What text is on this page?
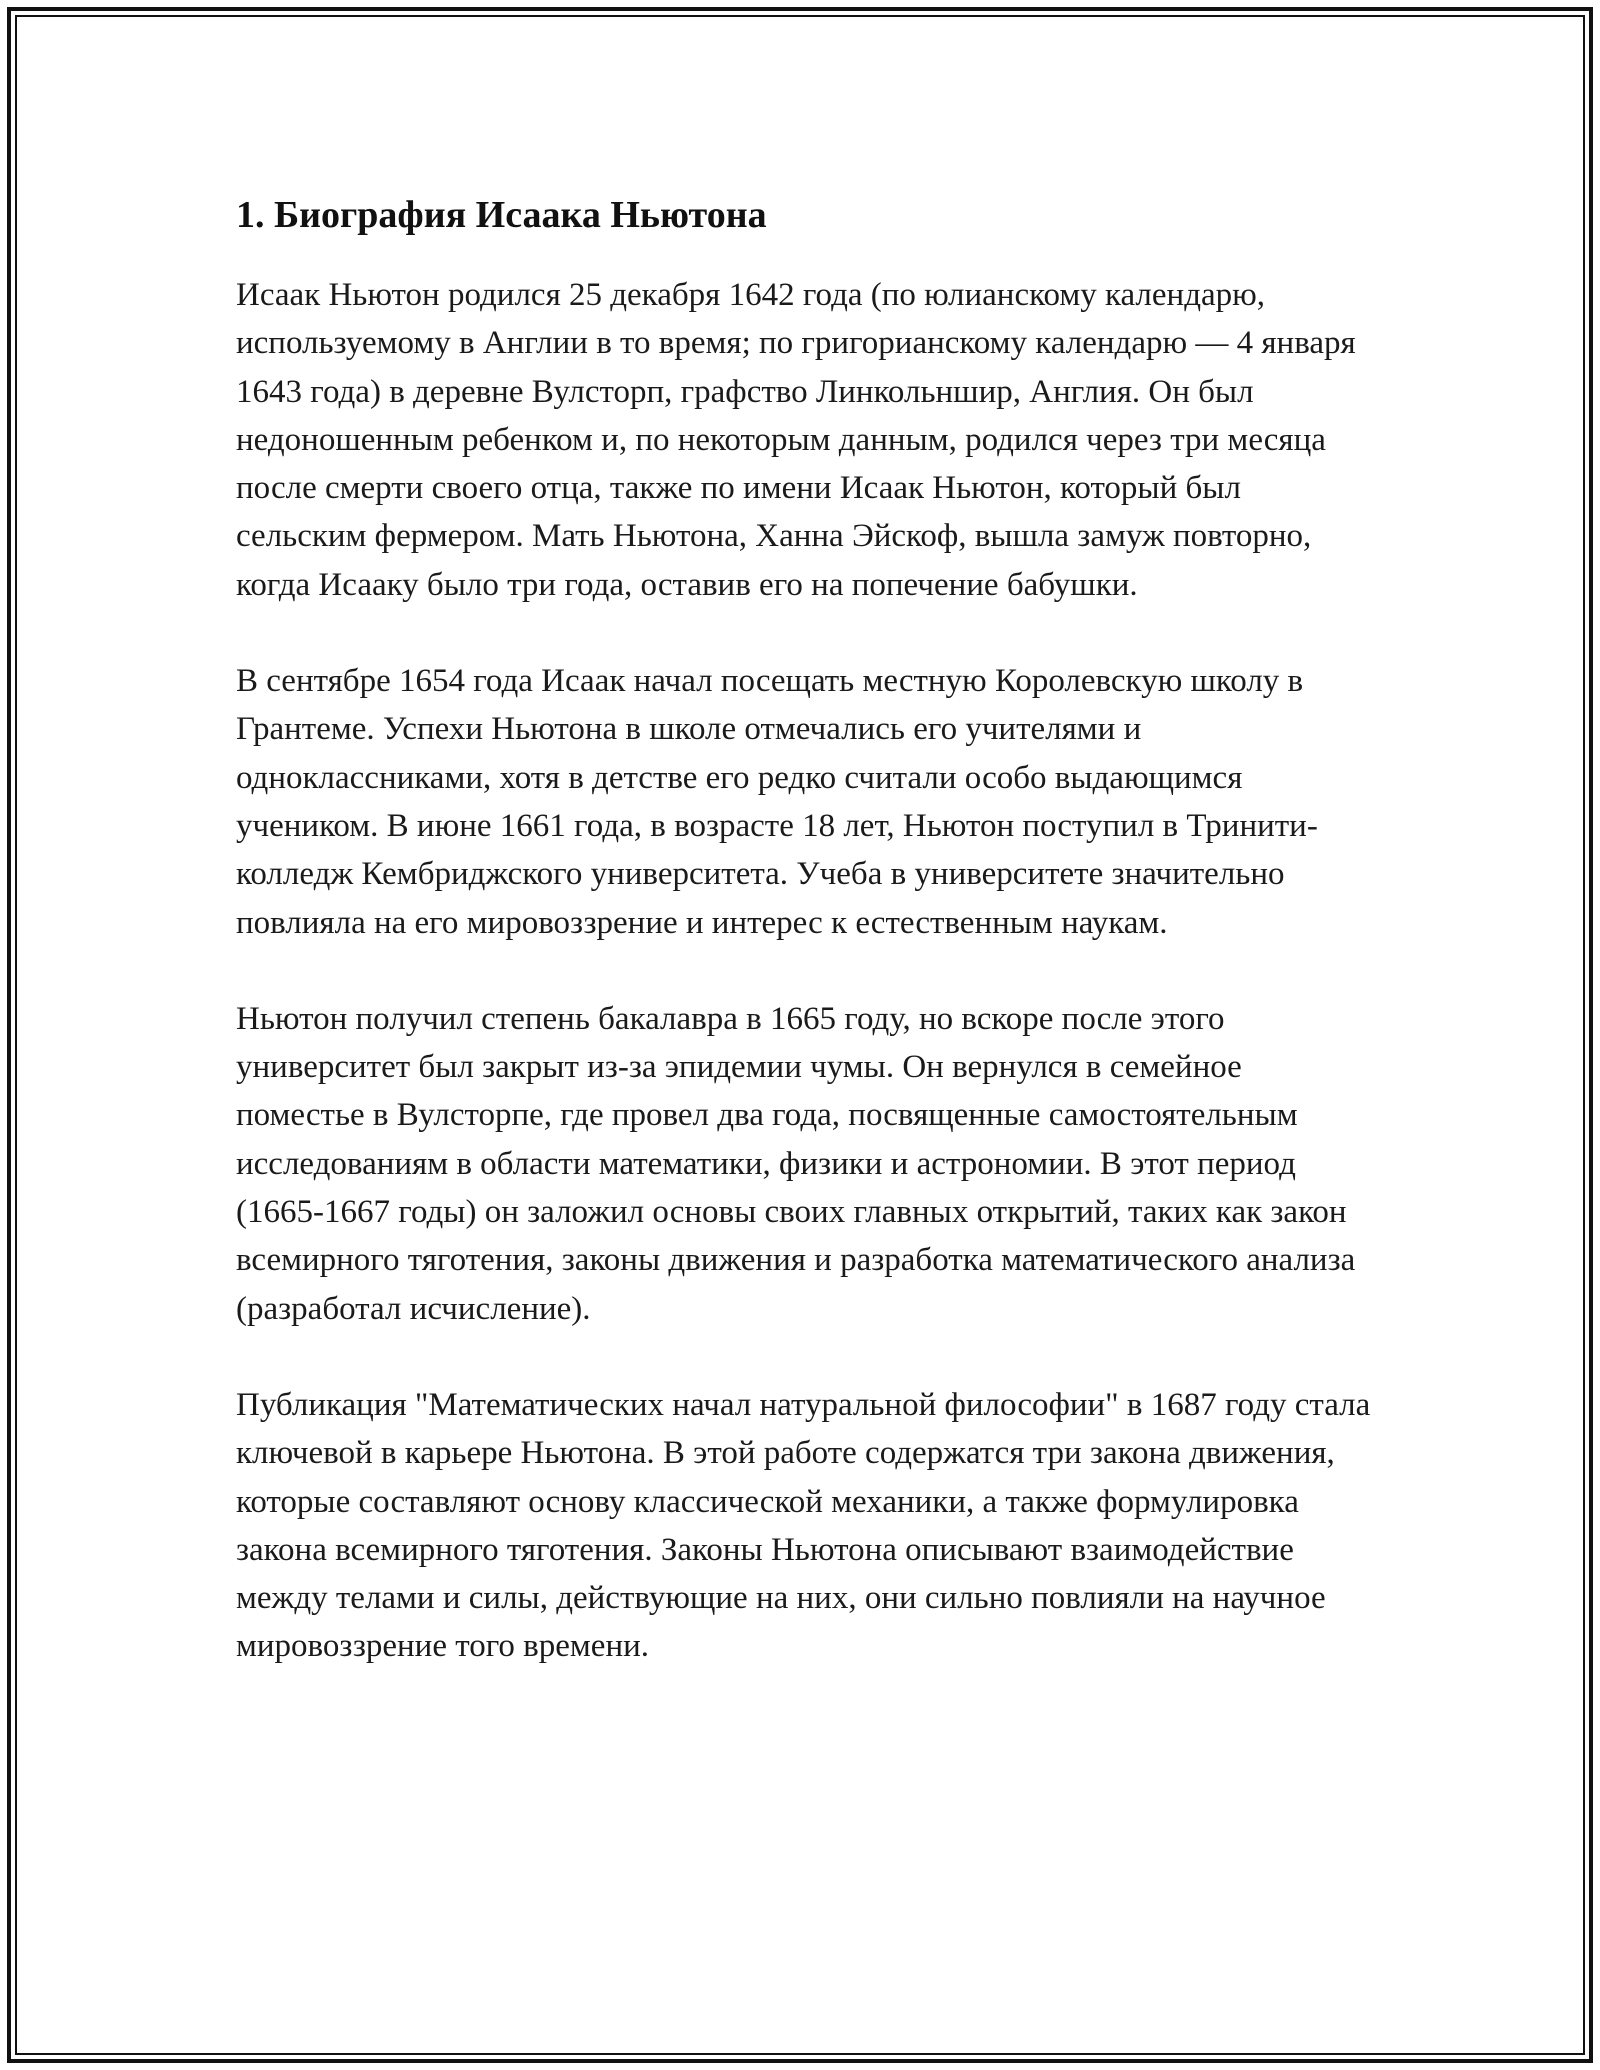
1. Биография Исаака Ньютона

Исаак Ньютон родился 25 декабря 1642 года (по юлианскому календарю, используемому в Англии в то время; по григорианскому календарю — 4 января 1643 года) в деревне Вулсторп, графство Линкольншир, Англия. Он был недоношенным ребенком и, по некоторым данным, родился через три месяца после смерти своего отца, также по имени Исаак Ньютон, который был сельским фермером. Мать Ньютона, Ханна Эйскоф, вышла замуж повторно, когда Исааку было три года, оставив его на попечение бабушки.

В сентябре 1654 года Исаак начал посещать местную Королевскую школу в Грантеме. Успехи Ньютона в школе отмечались его учителями и одноклассниками, хотя в детстве его редко считали особо выдающимся учеником. В июне 1661 года, в возрасте 18 лет, Ньютон поступил в Тринити-колледж Кембриджского университета. Учеба в университете значительно повлияла на его мировоззрение и интерес к естественным наукам.

Ньютон получил степень бакалавра в 1665 году, но вскоре после этого университет был закрыт из-за эпидемии чумы. Он вернулся в семейное поместье в Вулсторпе, где провел два года, посвященные самостоятельным исследованиям в области математики, физики и астрономии. В этот период (1665-1667 годы) он заложил основы своих главных открытий, таких как закон всемирного тяготения, законы движения и разработка математического анализа (разработал исчисление).

Публикация "Математических начал натуральной философии" в 1687 году стала ключевой в карьере Ньютона. В этой работе содержатся три закона движения, которые составляют основу классической механики, а также формулировка закона всемирного тяготения. Законы Ньютона описывают взаимодействие между телами и силы, действующие на них, они сильно повлияли на научное мировоззрение того времени.
